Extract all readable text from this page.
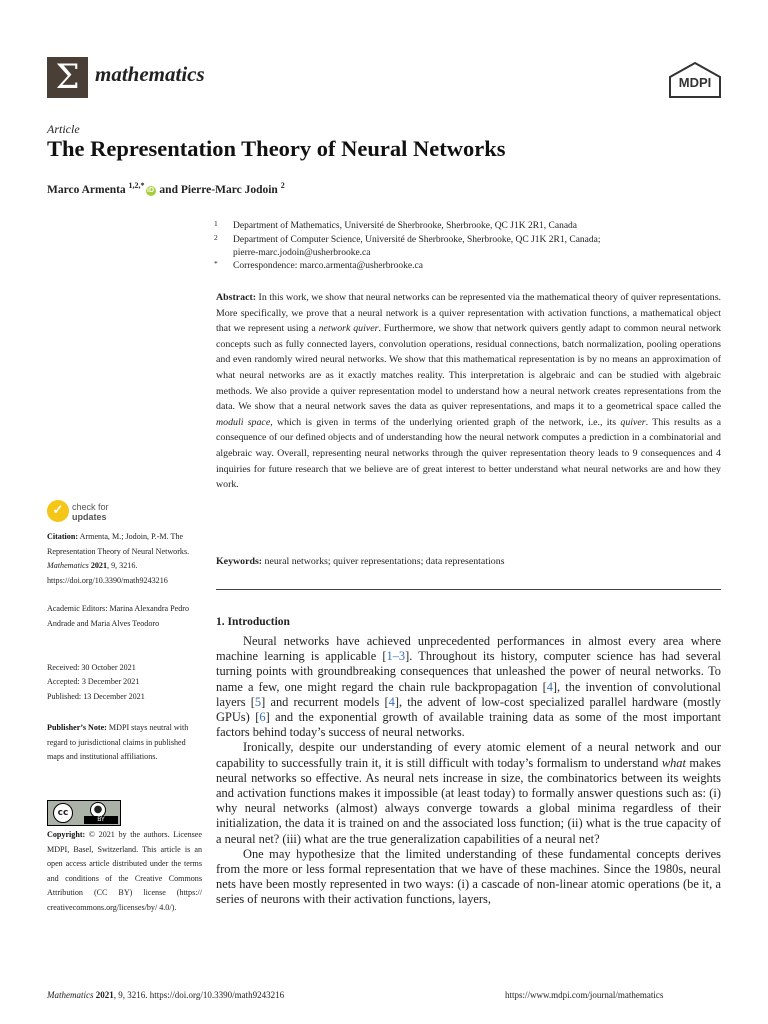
Σ mathematics	MDPI
Article
The Representation Theory of Neural Networks
Marco Armenta $^{1,2,*}$iD and Pierre-Marc Jodoin $^2$
1 Department of Mathematics, Université de Sherbrooke, Sherbrooke, QC J1K 2R1, Canada
2 Department of Computer Science, Université de Sherbrooke, Sherbrooke, QC J1K 2R1, Canada;
pierre-marc.jodoin@usherbrooke.ca
* Correspondence: marco.armenta@usherbrooke.ca
Abstract: In this work, we show that neural networks can be represented via the mathematical theory of quiver representations. More specifically, we prove that a neural network is a quiver representation with activation functions, a mathematical object that we represent using a network quiver. Furthermore, we show that network quivers gently adapt to common neural network concepts such as fully connected layers, convolution operations, residual connections, batch normalization, pooling operations and even randomly wired neural networks. We show that this mathematical representation is by no means an approximation of what neural networks are as it exactly matches reality. This interpretation is algebraic and can be studied with algebraic methods. We also provide a quiver representation model to understand how a neural network creates representations from the data. We show that a neural network saves the data as quiver representations, and maps it to a geometrical space called the moduli space, which is given in terms of the underlying oriented graph of the network, i.e., its quiver. This results as a consequence of our defined objects and of understanding how the neural network computes a prediction in a combinatorial and algebraic way. Overall, representing neural networks through the quiver representation theory leads to 9 consequences and 4 inquiries for future research that we believe are of great interest to better understand what neural networks are and how they work.
Keywords: neural networks; quiver representations; data representations
1. Introduction

Neural networks have achieved unprecedented performances in almost every area where machine learning is applicable [1–3]. Throughout its history, computer science has had several turning points with groundbreaking consequences that unleashed the power of neural networks. To name a few, one might regard the chain rule backpropagation [4], the invention of convolutional layers [5] and recurrent models [4], the advent of low-cost specialized parallel hardware (mostly GPUs) [6] and the exponential growth of available training data as some of the most important factors behind today’s success of neural networks.

Ironically, despite our understanding of every atomic element of a neural network and our capability to successfully train it, it is still difficult with today’s formalism to understand what makes neural networks so effective. As neural nets increase in size, the combinatorics between its weights and activation functions makes it impossible (at least today) to formally answer questions such as: (i) why neural networks (almost) always converge towards a global minima regardless of their initialization, the data it is trained on and the associated loss function; (ii) what is the true capacity of a neural net? (iii) what are the true generalization capabilities of a neural net?

One may hypothesize that the limited understanding of these fundamental concepts derives from the more or less formal representation that we have of these machines. Since the 1980s, neural nets have been mostly represented in two ways: (i) a cascade of non-linear atomic operations (be it, a series of neurons with their activation functions, layers,

✓ check for
updates
Citation: Armenta, M.; Jodoin, P.-M. The Representation Theory of Neural Networks. Mathematics 2021, 9, 3216. https://doi.org/10.3390/math9243216
Academic Editors: Marina Alexandra Pedro Andrade and Maria Alves Teodoro
Received: 30 October 2021
Accepted: 3 December 2021
Published: 13 December 2021
Publisher’s Note: MDPI stays neutral with regard to jurisdictional claims in published maps and institutional affiliations.
cc	●
BY
Copyright: © 2021 by the authors. Licensee MDPI, Basel, Switzerland. This article is an open access article distributed under the terms and conditions of the Creative Commons Attribution (CC BY) license (https:// creativecommons.org/licenses/by/ 4.0/).
Mathematics 2021, 9, 3216. https://doi.org/10.3390/math9243216	https://www.mdpi.com/journal/mathematics
